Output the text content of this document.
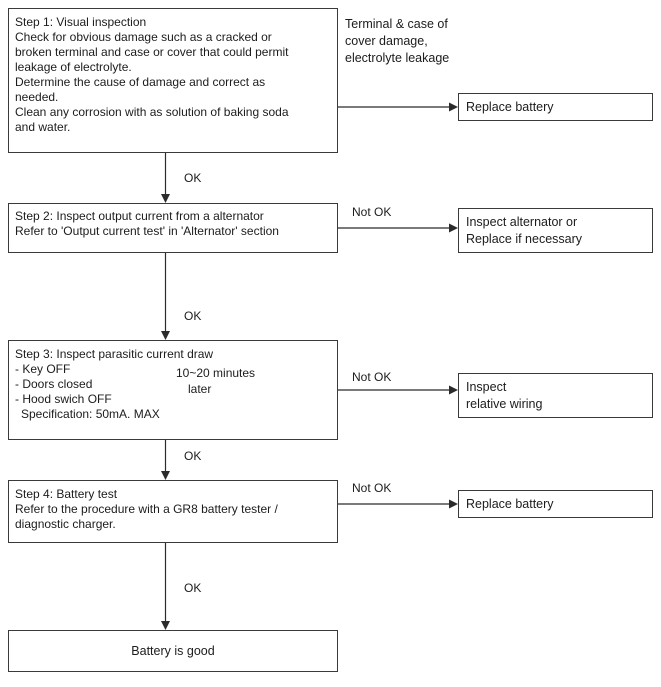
Step 1: Visual inspection
Check for obvious damage such as a cracked or
broken terminal and case or cover that could permit
leakage of electrolyte.
Determine the cause of damage and correct as
needed.
Clean any corrosion with as solution of baking soda
and water.
Terminal & case of
cover damage,
electrolyte leakage
Replace battery
OK
Step 2: Inspect output current from a alternator
Refer to 'Output current test' in 'Alternator' section
Not OK
Inspect alternator or
Replace if necessary
OK
Step 3: Inspect parasitic current draw
- Key OFF
- Doors closed
- Hood swich OFF
Specification: 50mA. MAX
10~20 minutes
later
Not OK
Inspect
relative wiring
OK
Step 4: Battery test
Refer to the procedure with a GR8 battery tester /
diagnostic charger.
Not OK
Replace battery
OK
Battery is good
